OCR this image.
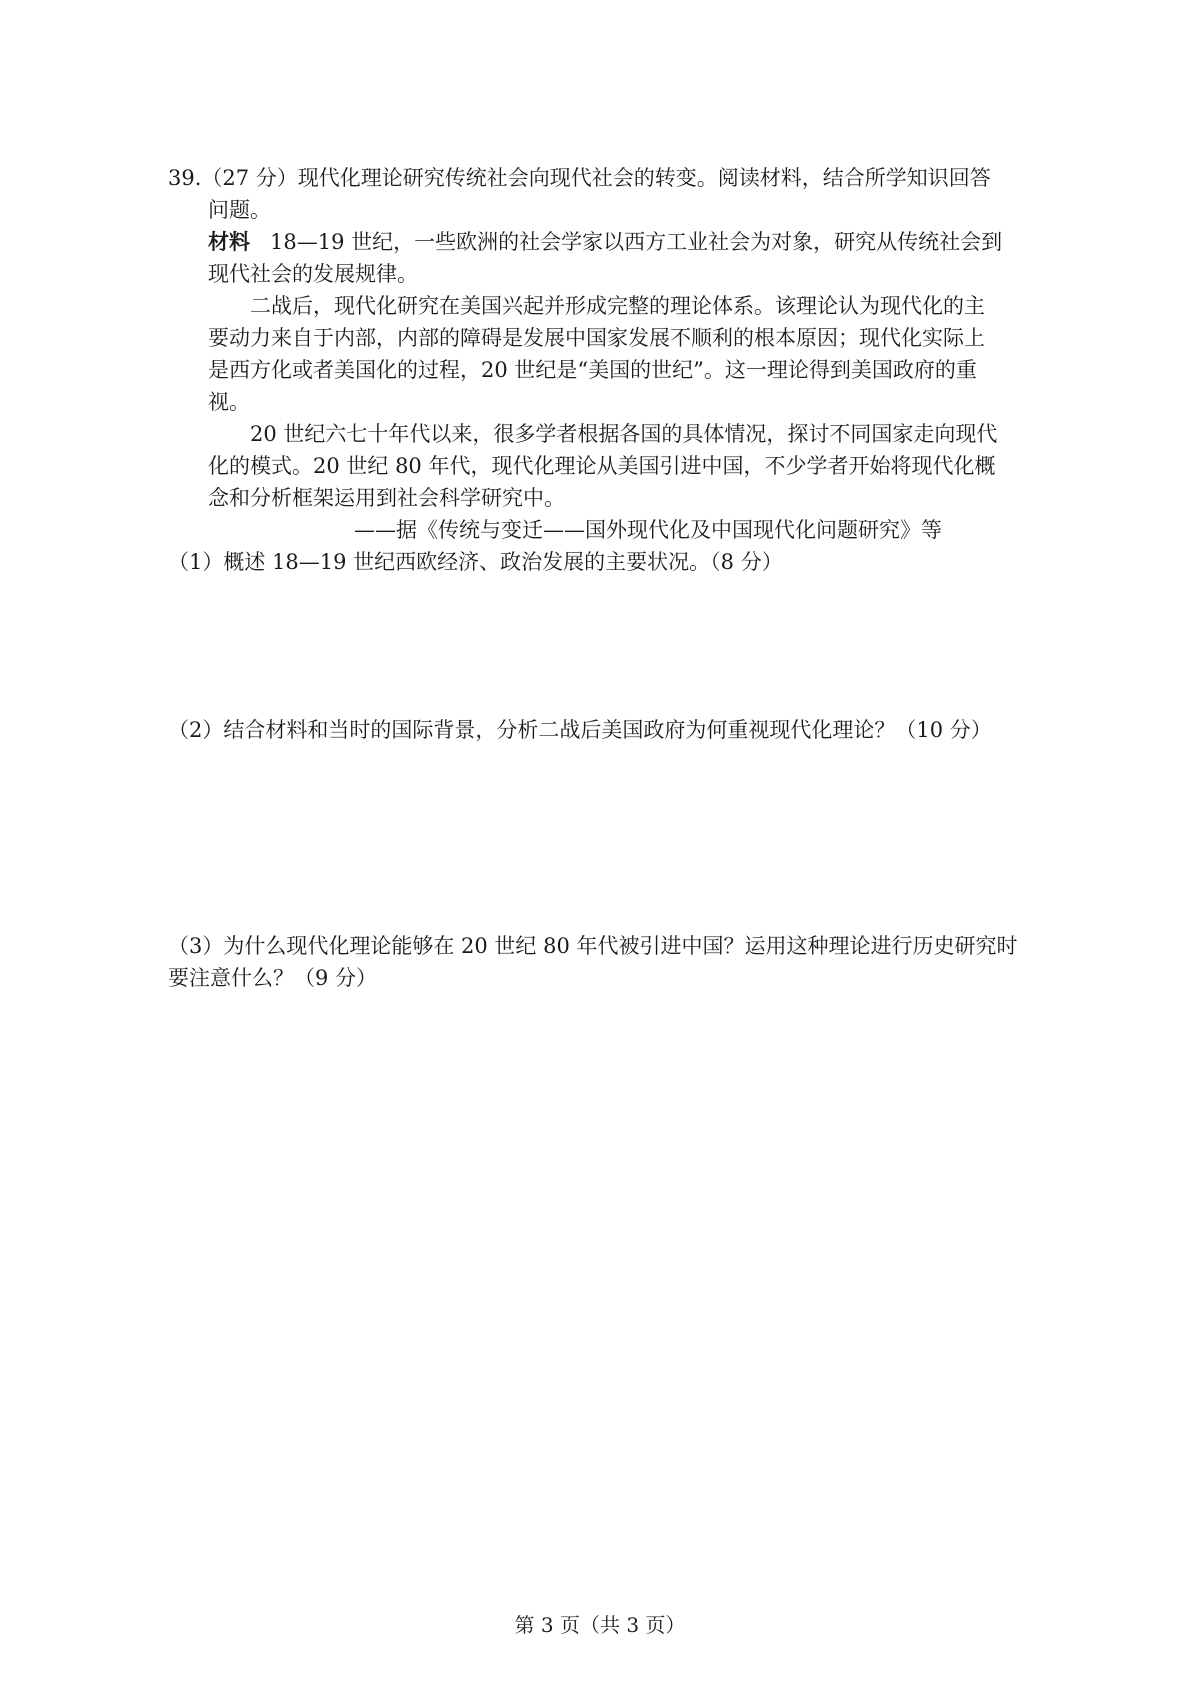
39.（27 分）现代化理论研究传统社会向现代社会的转变。阅读材料，结合所学知识回答
问题。
材料 18—19 世纪，一些欧洲的社会学家以西方工业社会为对象，研究从传统社会到
现代社会的发展规律。
二战后，现代化研究在美国兴起并形成完整的理论体系。该理论认为现代化的主
要动力来自于内部，内部的障碍是发展中国家发展不顺利的根本原因；现代化实际上
是西方化或者美国化的过程，20 世纪是“美国的世纪”。这一理论得到美国政府的重
视。
20 世纪六七十年代以来，很多学者根据各国的具体情况，探讨不同国家走向现代
化的模式。20 世纪 80 年代，现代化理论从美国引进中国，不少学者开始将现代化概
念和分析框架运用到社会科学研究中。
——据《传统与变迁——国外现代化及中国现代化问题研究》等
（1）概述 18—19 世纪西欧经济、政治发展的主要状况。（8 分）
（2）结合材料和当时的国际背景，分析二战后美国政府为何重视现代化理论？（10 分）
（3）为什么现代化理论能够在 20 世纪 80 年代被引进中国？运用这种理论进行历史研究时
要注意什么？（9 分）
第 3 页（共 3 页）
